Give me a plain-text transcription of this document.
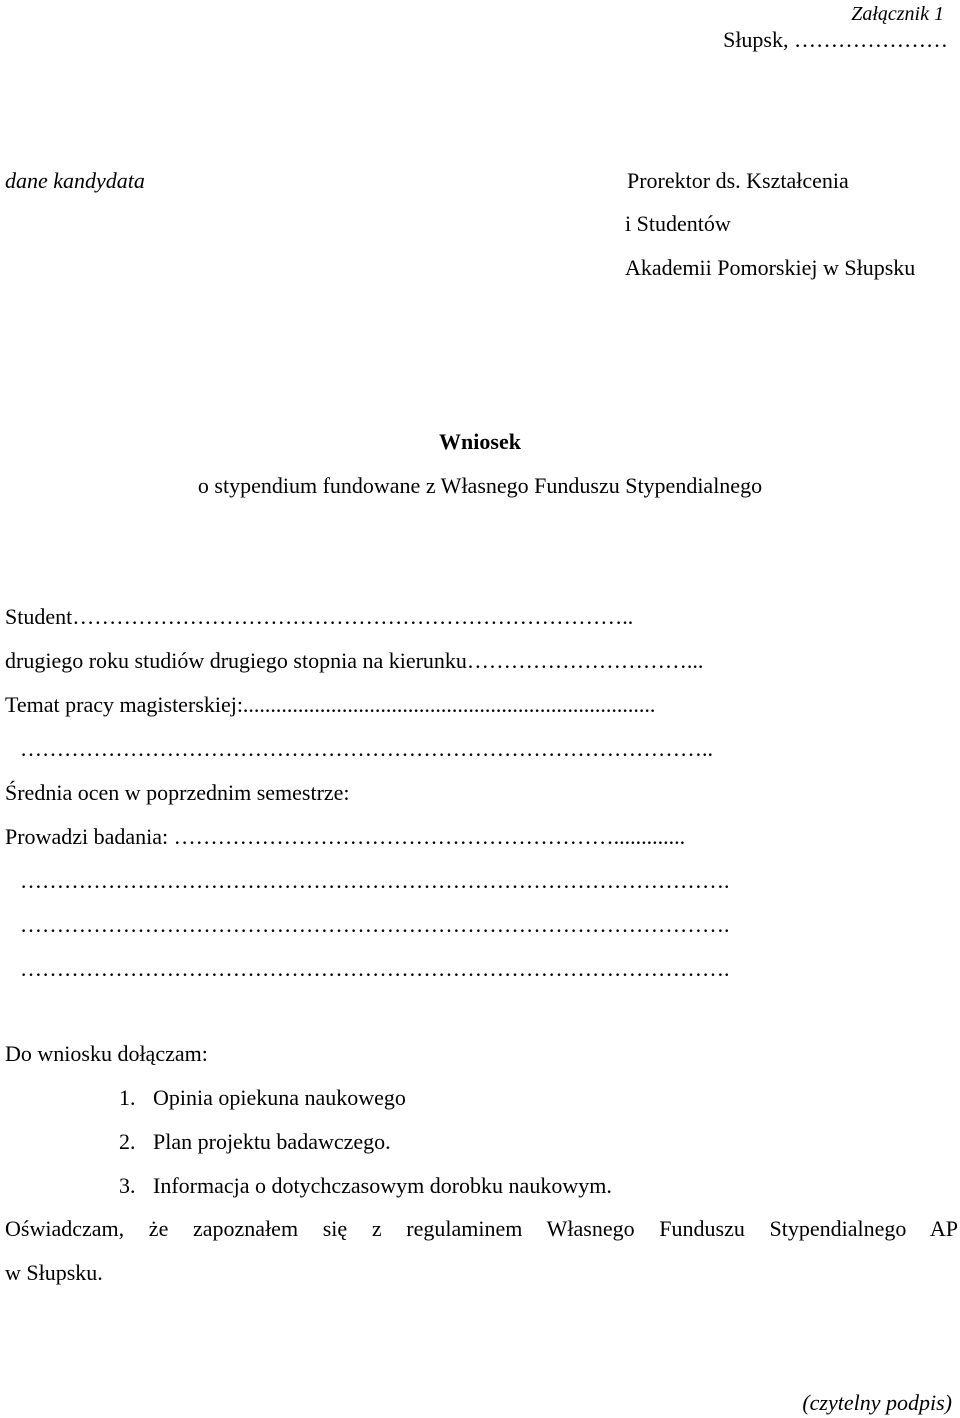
Załącznik 1
Słupsk, …………………
dane kandydata	Prorektor ds. Kształcenia
i Studentów
Akademii Pomorskiej w Słupsku
Wniosek
o stypendium fundowane z Własnego Funduszu Stypendialnego
Student…………………………………………………………………..
drugiego roku studiów drugiego stopnia na kierunku…………………………...
Temat pracy magisterskiej:...........................................................................
…………………………………………………………………………………..
Średnia ocen w poprzednim semestrze:
Prowadzi badania: …………………………………………………….............
…………………………………………………………………………………….
…………………………………………………………………………………….
…………………………………………………………………………………….
Do wniosku dołączam:
1. Opinia opiekuna naukowego
2. Plan projektu badawczego.
3. Informacja o dotychczasowym dorobku naukowym.
Oświadczam, że zapoznałem się z regulaminem Własnego Funduszu Stypendialnego AP
w Słupsku.
(czytelny podpis)
